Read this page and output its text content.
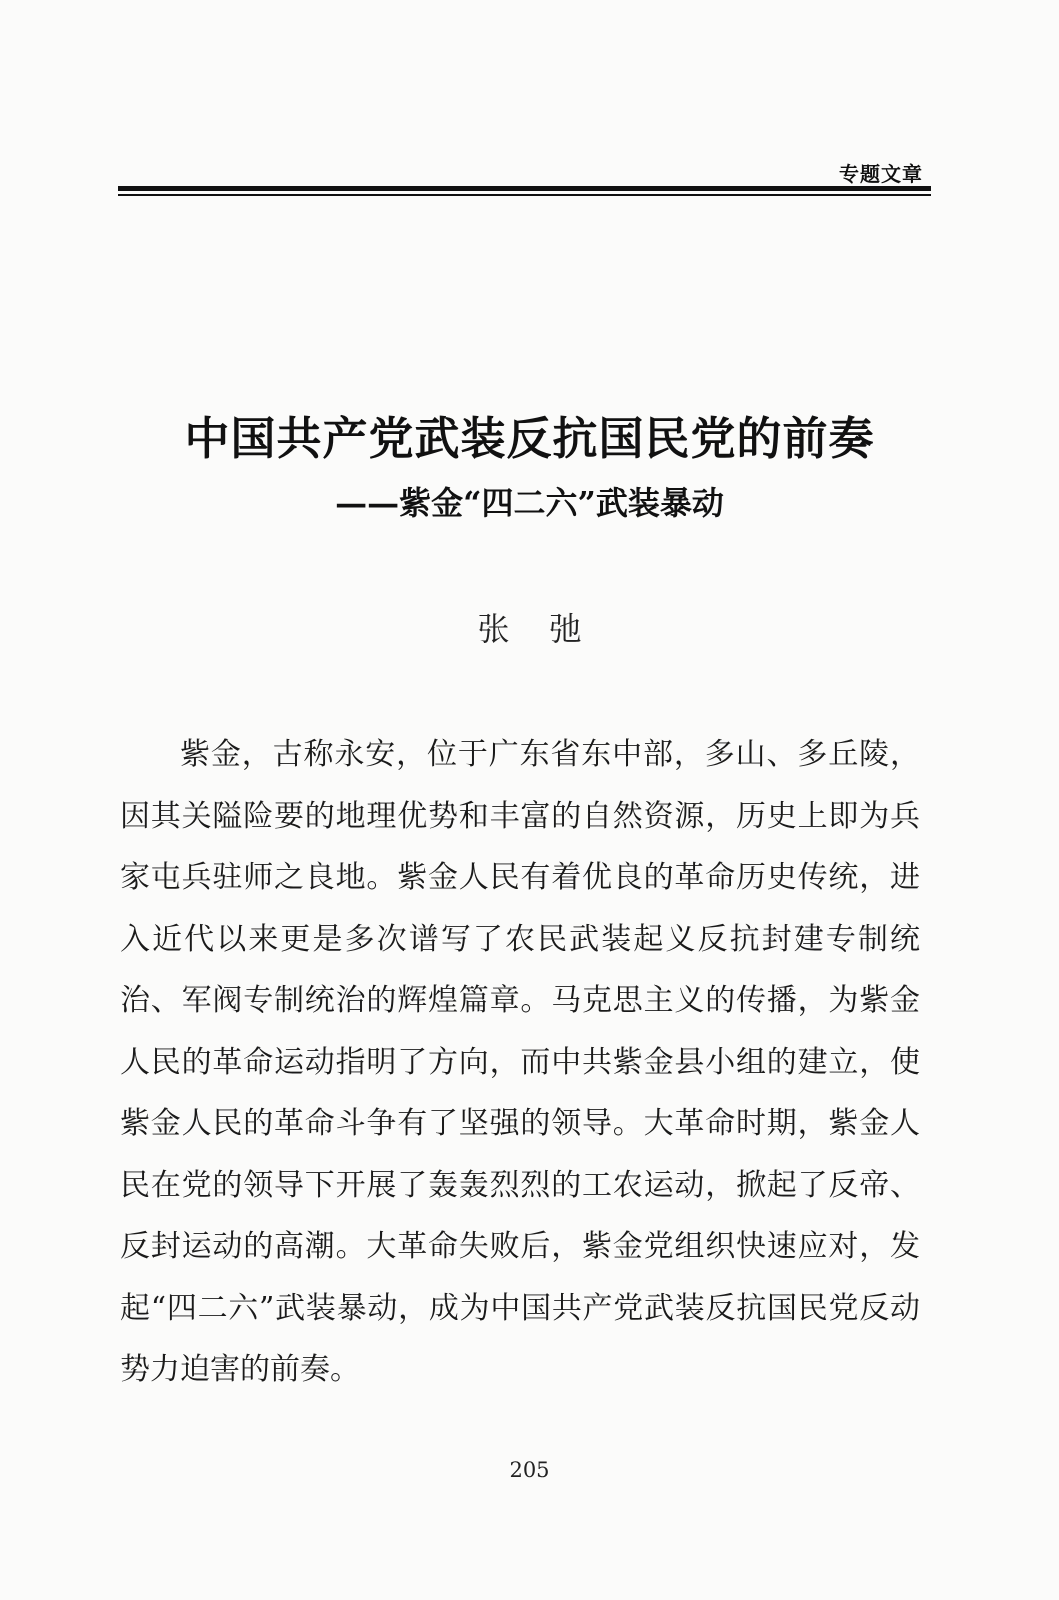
专题文章
中国共产党武装反抗国民党的前奏
——紫金“四二六”武装暴动
张弛

紫金，古称永安，位于广东省东中部，多山、多丘陵，因其关隘险要的地理优势和丰富的自然资源，历史上即为兵家屯兵驻师之良地。紫金人民有着优良的革命历史传统，进入近代以来更是多次谱写了农民武装起义反抗封建专制统治、军阀专制统治的辉煌篇章。马克思主义的传播，为紫金人民的革命运动指明了方向，而中共紫金县小组的建立，使紫金人民的革命斗争有了坚强的领导。大革命时期，紫金人民在党的领导下开展了轰轰烈烈的工农运动，掀起了反帝、反封运动的高潮。大革命失败后，紫金党组织快速应对，发起“四二六”武装暴动，成为中国共产党武装反抗国民党反动势力迫害的前奏。

205
